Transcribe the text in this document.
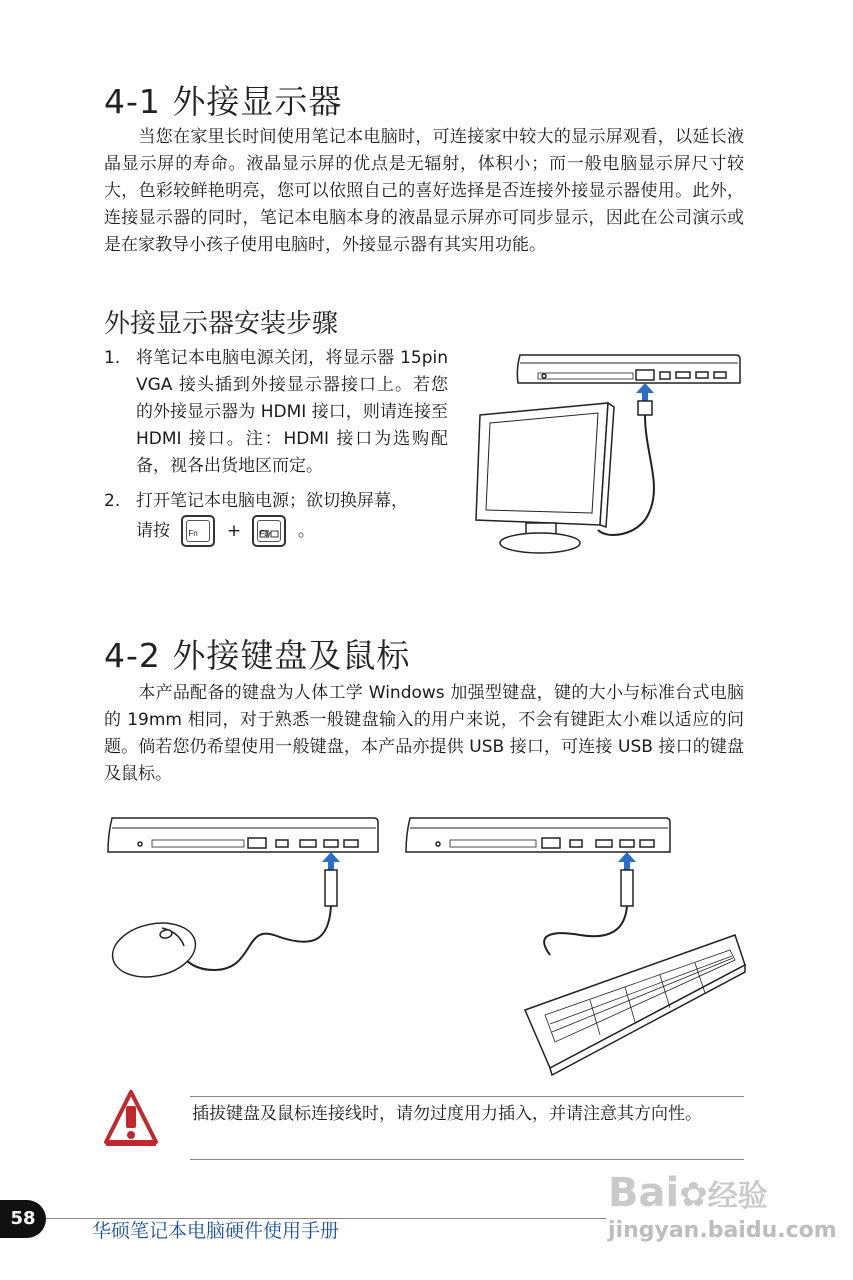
4-1 外接显示器

当您在家里长时间使用笔记本电脑时，可连接家中较大的显示屏观看，以延长液晶显示屏的寿命。液晶显示屏的优点是无辐射，体积小；而一般电脑显示屏尺寸较大，色彩较鲜艳明亮，您可以依照自己的喜好选择是否连接外接显示器使用。此外，连接显示器的同时，笔记本电脑本身的液晶显示屏亦可同步显示，因此在公司演示或是在家教导小孩子使用电脑时，外接显示器有其实用功能。

外接显示器安装步骤
1. 将笔记本电脑电源关闭，将显示器 15pin VGA 接头插到外接显示器接口上。若您的外接显示器为 HDMI 接口，则请连接至 HDMI 接口。注：HDMI 接口为选购配备，视各出货地区而定。
2. 打开笔记本电脑电源；欲切换屏幕，
请按 Fn + F8 。
4-2 外接键盘及鼠标

本产品配备的键盘为人体工学 Windows 加强型键盘，键的大小与标准台式电脑的 19mm 相同，对于熟悉一般键盘输入的用户来说，不会有键距太小难以适应的问题。倘若您仍希望使用一般键盘，本产品亦提供 USB 接口，可连接 USB 接口的键盘及鼠标。

插拔键盘及鼠标连接线时，请勿过度用力插入，并请注意其方向性。

58
华硕笔记本电脑硬件使用手册
Bai✿经验
jingyan.baidu.com
